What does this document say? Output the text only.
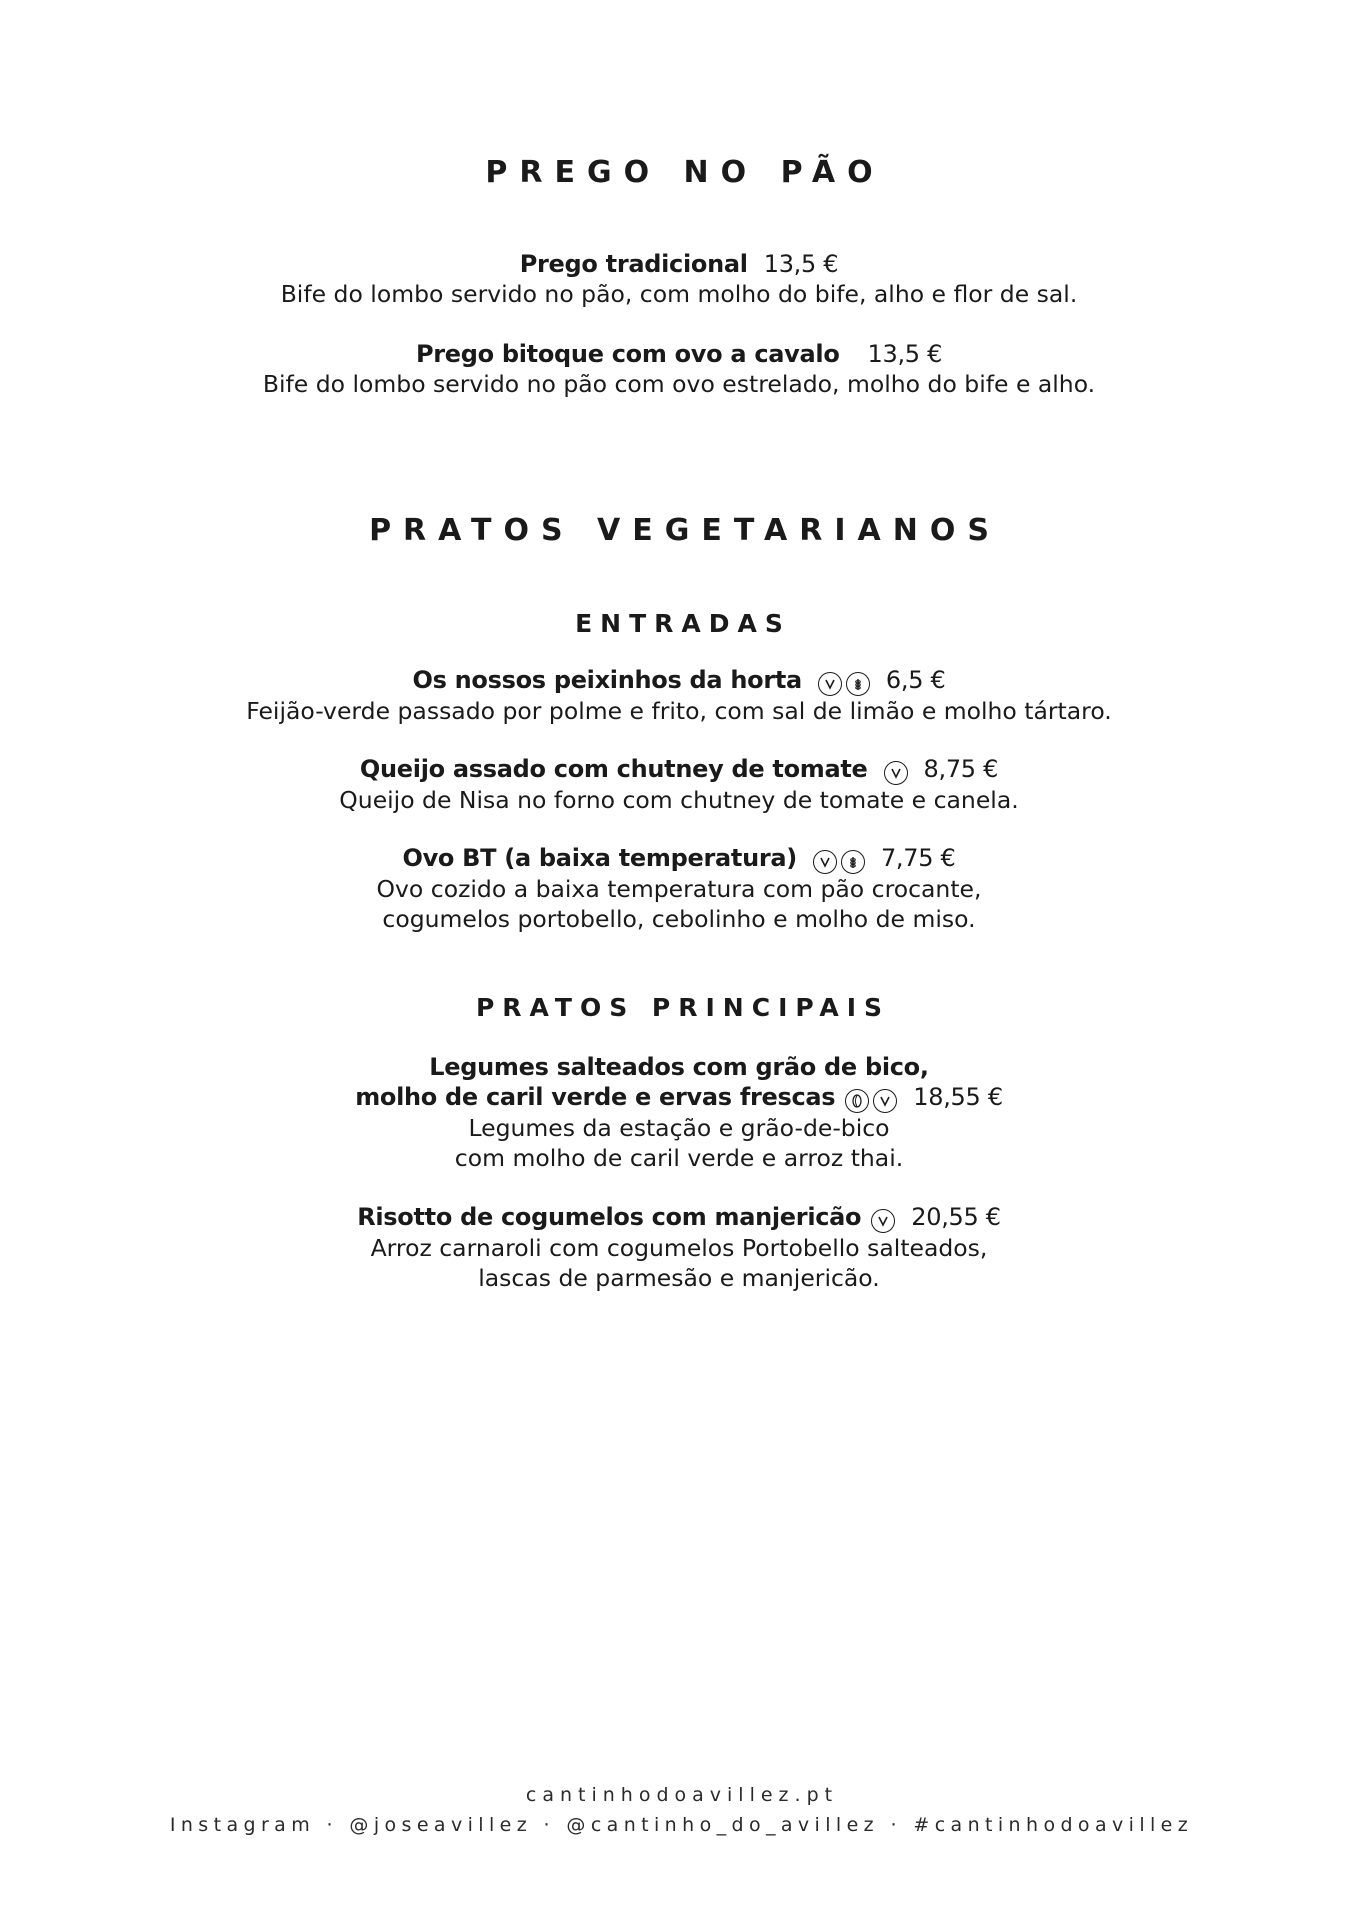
PREGO NO PÃO
Prego tradicional 13,5 €
Bife do lombo servido no pão, com molho do bife, alho e flor de sal.
Prego bitoque com ovo a cavalo 13,5 €
Bife do lombo servido no pão com ovo estrelado, molho do bife e alho.
PRATOS VEGETARIANOS
ENTRADAS
Os nossos peixinhos da horta	6,5 €
Feijão-verde passado por polme e frito, com sal de limão e molho tártaro.
Queijo assado com chutney de tomate 8,75 €
Queijo de Nisa no forno com chutney de tomate e canela.
Ovo BT (a baixa temperatura)	7,75 €
Ovo cozido a baixa temperatura com pão crocante,
cogumelos portobello, cebolinho e molho de miso.
PRATOS PRINCIPAIS
Legumes salteados com grão de bico,
molho de caril verde e ervas frescas	18,55 €
Legumes da estação e grão-de-bico
com molho de caril verde e arroz thai.
Risotto de cogumelos com manjericão 20,55 €
Arroz carnaroli com cogumelos Portobello salteados,
lascas de parmesão e manjericão.
cantinhodoavillez.pt
Instagram · @joseavillez · @cantinho_do_avillez · #cantinhodoavillez
